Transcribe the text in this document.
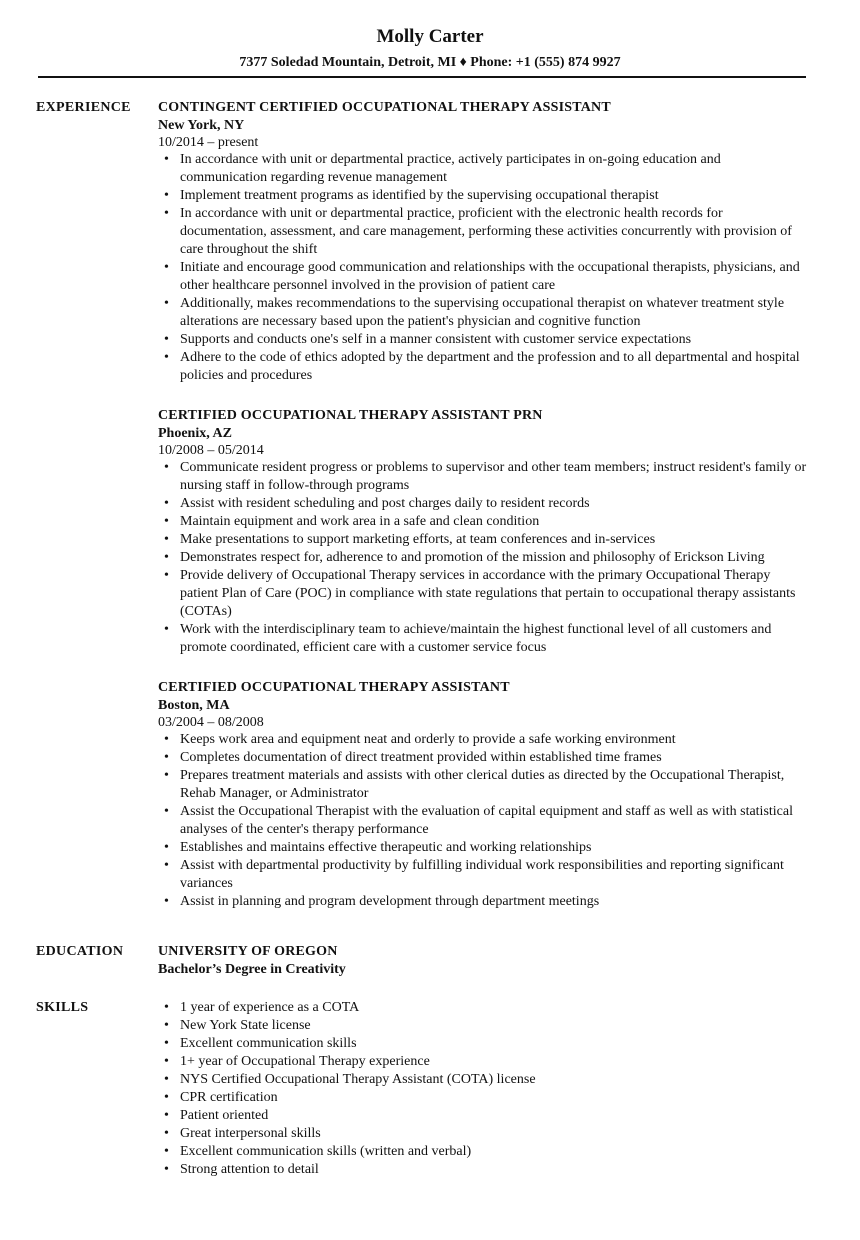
Molly Carter
7377 Soledad Mountain, Detroit, MI ♦ Phone: +1 (555) 874 9927
EXPERIENCE CONTINGENT CERTIFIED OCCUPATIONAL THERAPY ASSISTANT
New York, NY
10/2014 – present
• In accordance with unit or departmental practice, actively participates in on-going education and communication regarding revenue management
• Implement treatment programs as identified by the supervising occupational therapist
• In accordance with unit or departmental practice, proficient with the electronic health records for documentation, assessment, and care management, performing these activities concurrently with provision of care throughout the shift
• Initiate and encourage good communication and relationships with the occupational therapists, physicians, and other healthcare personnel involved in the provision of patient care
• Additionally, makes recommendations to the supervising occupational therapist on whatever treatment style alterations are necessary based upon the patient's physician and cognitive function
• Supports and conducts one's self in a manner consistent with customer service expectations
• Adhere to the code of ethics adopted by the department and the profession and to all departmental and hospital policies and procedures
CERTIFIED OCCUPATIONAL THERAPY ASSISTANT PRN
Phoenix, AZ
10/2008 – 05/2014
• Communicate resident progress or problems to supervisor and other team members; instruct resident's family or nursing staff in follow-through programs
• Assist with resident scheduling and post charges daily to resident records
• Maintain equipment and work area in a safe and clean condition
• Make presentations to support marketing efforts, at team conferences and in-services
• Demonstrates respect for, adherence to and promotion of the mission and philosophy of Erickson Living
• Provide delivery of Occupational Therapy services in accordance with the primary Occupational Therapy patient Plan of Care (POC) in compliance with state regulations that pertain to occupational therapy assistants (COTAs)
• Work with the interdisciplinary team to achieve/maintain the highest functional level of all customers and promote coordinated, efficient care with a customer service focus
CERTIFIED OCCUPATIONAL THERAPY ASSISTANT
Boston, MA
03/2004 – 08/2008
• Keeps work area and equipment neat and orderly to provide a safe working environment
• Completes documentation of direct treatment provided within established time frames
• Prepares treatment materials and assists with other clerical duties as directed by the Occupational Therapist, Rehab Manager, or Administrator
• Assist the Occupational Therapist with the evaluation of capital equipment and staff as well as with statistical analyses of the center's therapy performance
• Establishes and maintains effective therapeutic and working relationships
• Assist with departmental productivity by fulfilling individual work responsibilities and reporting significant variances
• Assist in planning and program development through department meetings
EDUCATION UNIVERSITY OF OREGON
Bachelor’s Degree in Creativity
SKILLS
•	1 year of experience as a COTA
• New York State license
• Excellent communication skills
• 1+ year of Occupational Therapy experience
• NYS Certified Occupational Therapy Assistant (COTA) license
• CPR certification
• Patient oriented
• Great interpersonal skills
• Excellent communication skills (written and verbal)
• Strong attention to detail
